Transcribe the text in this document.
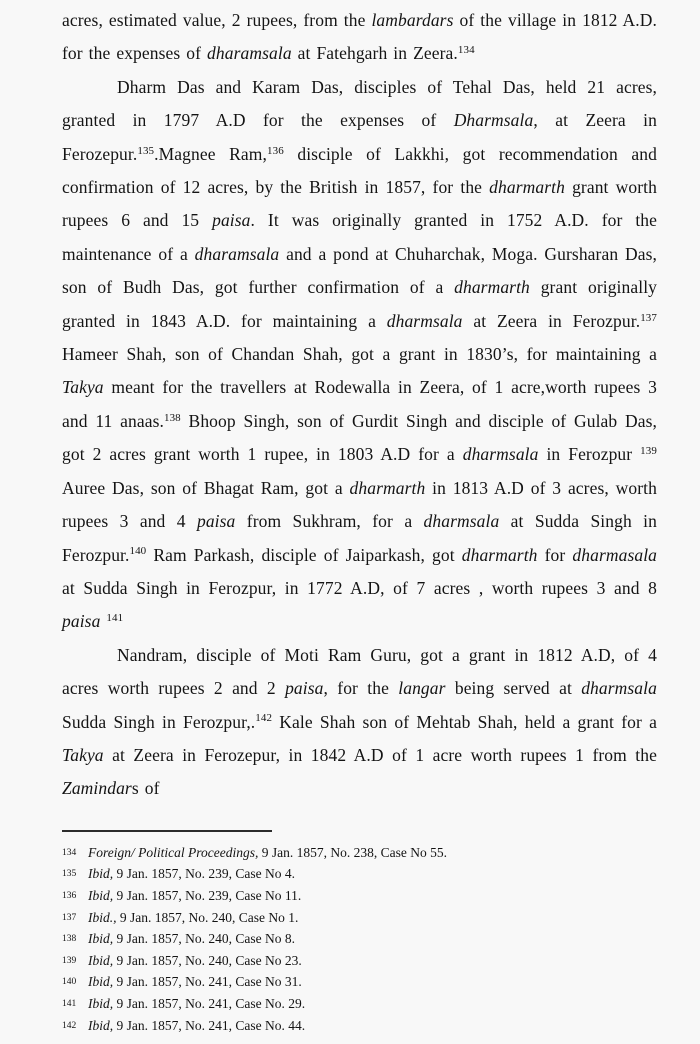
acres, estimated value, 2 rupees, from the lambardars of the village in 1812 A.D. for the expenses of dharamsala at Fatehgarh in Zeera.$^{134}$

Dharm Das and Karam Das, disciples of Tehal Das, held 21 acres, granted in 1797 A.D for the expenses of Dharmsala, at Zeera in Ferozepur.$^{135}$.Magnee Ram,$^{136}$ disciple of Lakkhi, got recommendation and confirmation of 12 acres, by the British in 1857, for the dharmarth grant worth rupees 6 and 15 paisa. It was originally granted in 1752 A.D. for the maintenance of a dharamsala and a pond at Chuharchak, Moga. Gursharan Das, son of Budh Das, got further confirmation of a dharmarth grant originally granted in 1843 A.D. for maintaining a dharmsala at Zeera in Ferozpur.$^{137}$ Hameer Shah, son of Chandan Shah, got a grant in 1830’s, for maintaining a Takya meant for the travellers at Rodewalla in Zeera, of 1 acre,worth rupees 3 and 11 anaas.$^{138}$ Bhoop Singh, son of Gurdit Singh and disciple of Gulab Das, got 2 acres grant worth 1 rupee, in 1803 A.D for a dharmsala in Ferozpur $^{139}$ Auree Das, son of Bhagat Ram, got a dharmarth in 1813 A.D of 3 acres, worth rupees 3 and 4 paisa from Sukhram, for a dharmsala at Sudda Singh in Ferozpur.$^{140}$ Ram Parkash, disciple of Jaiparkash, got dharmarth for dharmasala at Sudda Singh in Ferozpur, in 1772 A.D, of 7 acres , worth rupees 3 and 8 paisa $^{141}$

Nandram, disciple of Moti Ram Guru, got a grant in 1812 A.D, of 4 acres worth rupees 2 and 2 paisa, for the langar being served at dharmsala Sudda Singh in Ferozpur,.$^{142}$ Kale Shah son of Mehtab Shah, held a grant for a Takya at Zeera in Ferozepur, in 1842 A.D of 1 acre worth rupees 1 from the Zamindars of

134 Foreign/ Political Proceedings, 9 Jan. 1857, No. 238, Case No 55.
135 Ibid, 9 Jan. 1857, No. 239, Case No 4.
136 Ibid, 9 Jan. 1857, No. 239, Case No 11.
137 Ibid., 9 Jan. 1857, No. 240, Case No 1.
138 Ibid, 9 Jan. 1857, No. 240, Case No 8.
139 Ibid, 9 Jan. 1857, No. 240, Case No 23.
140 Ibid, 9 Jan. 1857, No. 241, Case No 31.
141 Ibid, 9 Jan. 1857, No. 241, Case No. 29.
142 Ibid, 9 Jan. 1857, No. 241, Case No. 44.
